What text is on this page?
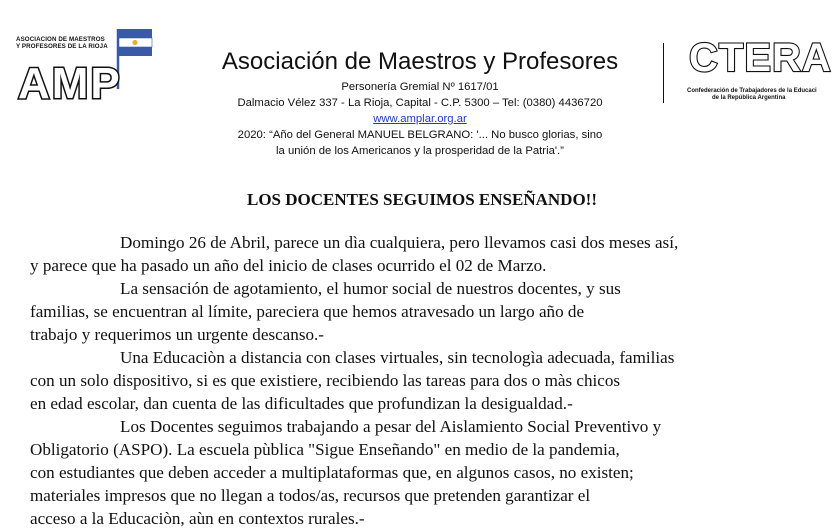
ASOCIACION DE MAESTROS
Y PROFESORES DE LA RIOJA
AMP
CTERA
Confederación de Trabajadores de la Educaci
de la República Argentina
Asociación de Maestros y Profesores
Personería Gremial Nº 1617/01
Dalmacio Vélez 337 - La Rioja, Capital - C.P. 5300 – Tel: (0380) 4436720
www.amplar.org.ar
2020: “Año del General MANUEL BELGRANO: '... No busco glorias, sino
la unión de los Americanos y la prosperidad de la Patria'.”
LOS DOCENTES SEGUIMOS ENSEÑANDO!!

Domingo 26 de Abril, parece un dìa cualquiera, pero llevamos casi dos meses así,
y parece que ha pasado un año del inicio de clases ocurrido el 02 de Marzo.

La sensación de agotamiento, el humor social de nuestros docentes, y sus
familias, se encuentran al límite, pareciera que hemos atravesado un largo año de
trabajo y requerimos un urgente descanso.-

Una Educaciòn a distancia con clases virtuales, sin tecnologìa adecuada, familias
con un solo dispositivo, si es que existiere, recibiendo las tareas para dos o màs chicos
en edad escolar, dan cuenta de las dificultades que profundizan la desigualdad.-

Los Docentes seguimos trabajando a pesar del Aislamiento Social Preventivo y
Obligatorio (ASPO). La escuela pùblica "Sigue Enseñando" en medio de la pandemia,
con estudiantes que deben acceder a multiplataformas que, en algunos casos, no existen;
materiales impresos que no llegan a todos/as, recursos que pretenden garantizar el
acceso a la Educaciòn, aùn en contextos rurales.-
